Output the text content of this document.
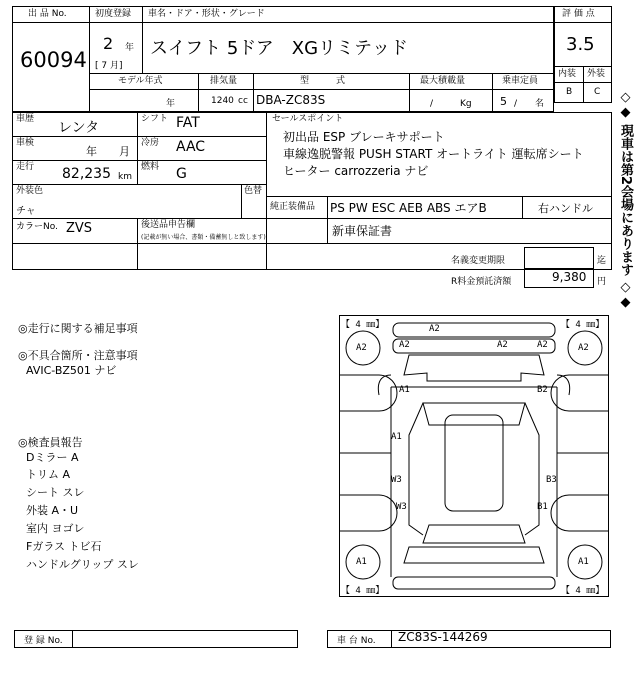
出 品 No.
60094
初度登録
2 年
[ 7 月]
車名・ドア・形状・グレード
スイフト 5ドア　XGリミテッド
評 価 点
3.5
内装 外装
B C
モデル年式	排気量	型　　　式	最大積載量	乗車定員
年	1240 cc DBA-ZC83S	/　　　Kg	5 /　　名
車歴
レンタ
シフト FAT
車検
年　　月
冷房 AAC
走行 82,235 km
燃料 G
外装色
チャ
色替
カラーNo. ZVS	後送品申告欄
(記載が無い場合、書類・備蓄無しと致します)
セールスポイント
初出品 ESP ブレーキサポート
車線逸脱警報 PUSH START オートライト 運転席シート
ヒーター carrozzeria ナビ
純正装備品 PS PW ESC AEB ABS エアB	右ハンドル
新車保証書
名義変更期限	迄
R料金預託済額	9,380 円
◎走行に関する補足事項
◎不具合箇所・注意事項
AVIC-BZ501 ナビ
◎検査員報告
Dミラー A
トリム A
シート スレ
外装 A・U
室内 ヨゴレ
Fガラス トビ石
ハンドルグリップ スレ
◇◆
現車は第2会場にあります
◇◆
【 4 ㎜】	【 4 ㎜】
【 4 ㎜】	【 4 ㎜】
A2
A2	A2
A2	A2	A2
A1	B2
A1
W3	B3
W3	B1
A1	A1
登 録 No.	車 台 No. ZC83S-144269
